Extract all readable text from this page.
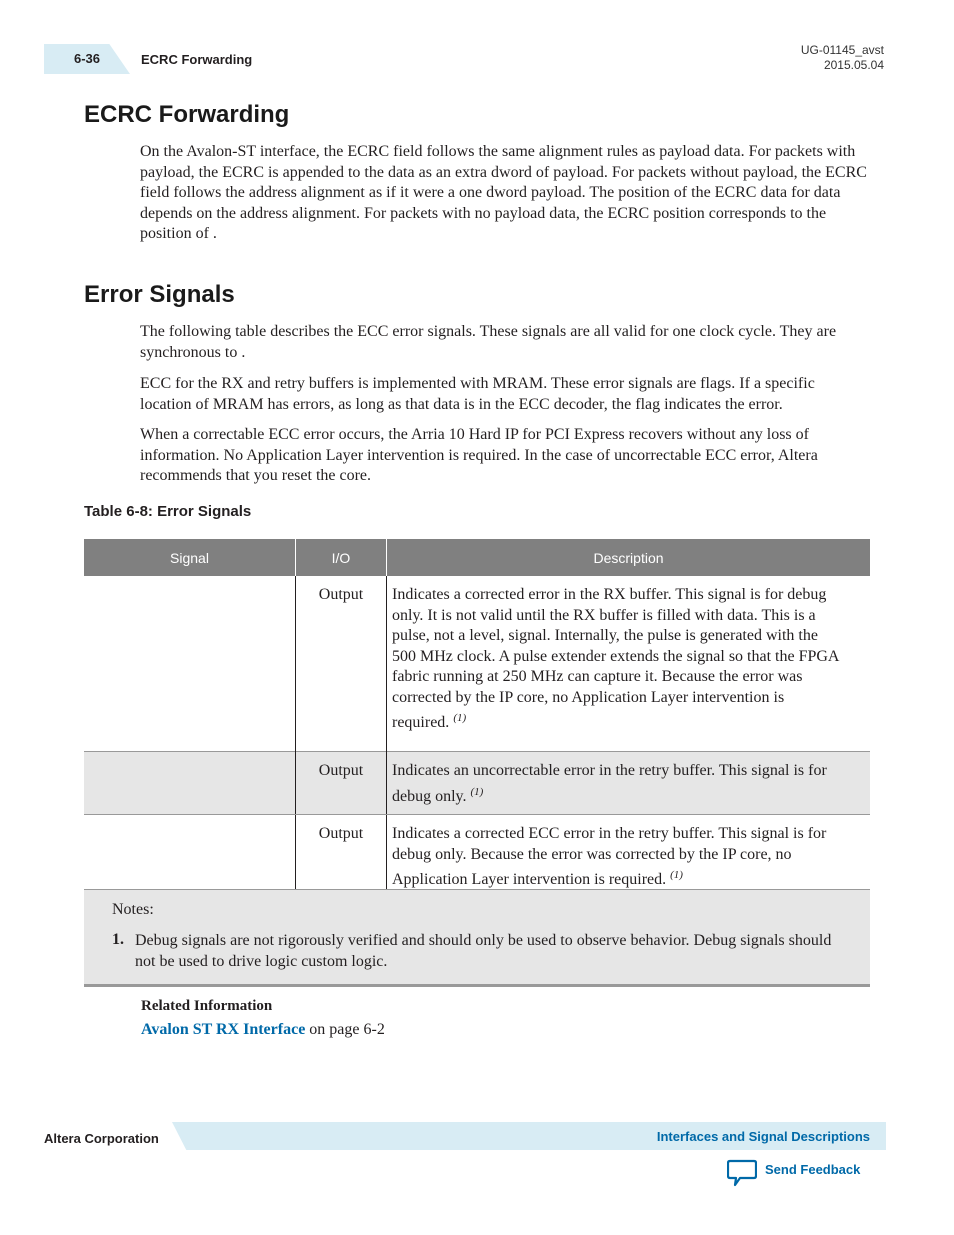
6-36	ECRC Forwarding
UG-01145_avst
2015.05.04
ECRC Forwarding

On the Avalon-ST interface, the ECRC field follows the same alignment rules as payload data. For packets with payload, the ECRC is appended to the data as an extra dword of payload. For packets without payload, the ECRC field follows the address alignment as if it were a one dword payload. The position of the ECRC data for data depends on the address alignment. For packets with no payload data, the ECRC position corresponds to the position of .

Error Signals

The following table describes the ECC error signals. These signals are all valid for one clock cycle. They are synchronous to .

ECC for the RX and retry buffers is implemented with MRAM. These error signals are flags. If a specific location of MRAM has errors, as long as that data is in the ECC decoder, the flag indicates the error.

When a correctable ECC error occurs, the Arria 10 Hard IP for PCI Express recovers without any loss of information. No Application Layer intervention is required. In the case of uncorrectable ECC error, Altera recommends that you reset the core.

Table 6-8: Error Signals
Signal	I/O	Description
	Output	Indicates a corrected error in the RX buffer. This signal is for debug only. It is not valid until the RX buffer is filled with data. This is a pulse, not a level, signal. Internally, the pulse is generated with the 500 MHz clock. A pulse extender extends the signal so that the FPGA fabric running at 250 MHz can capture it. Because the error was corrected by the IP core, no Application Layer intervention is required. $^{(1)}$
	Output	Indicates an uncorrectable error in the retry buffer. This signal is for debug only. $^{(1)}$
	Output	Indicates a corrected ECC error in the retry buffer. This signal is for debug only. Because the error was corrected by the IP core, no Application Layer intervention is required. $^{(1)}$
Notes:
1. Debug signals are not rigorously verified and should only be used to observe behavior. Debug signals should not be used to drive logic custom logic.
Related Information
Avalon ST RX Interface on page 6-2
Altera Corporation	Interfaces and Signal Descriptions
Send Feedback
